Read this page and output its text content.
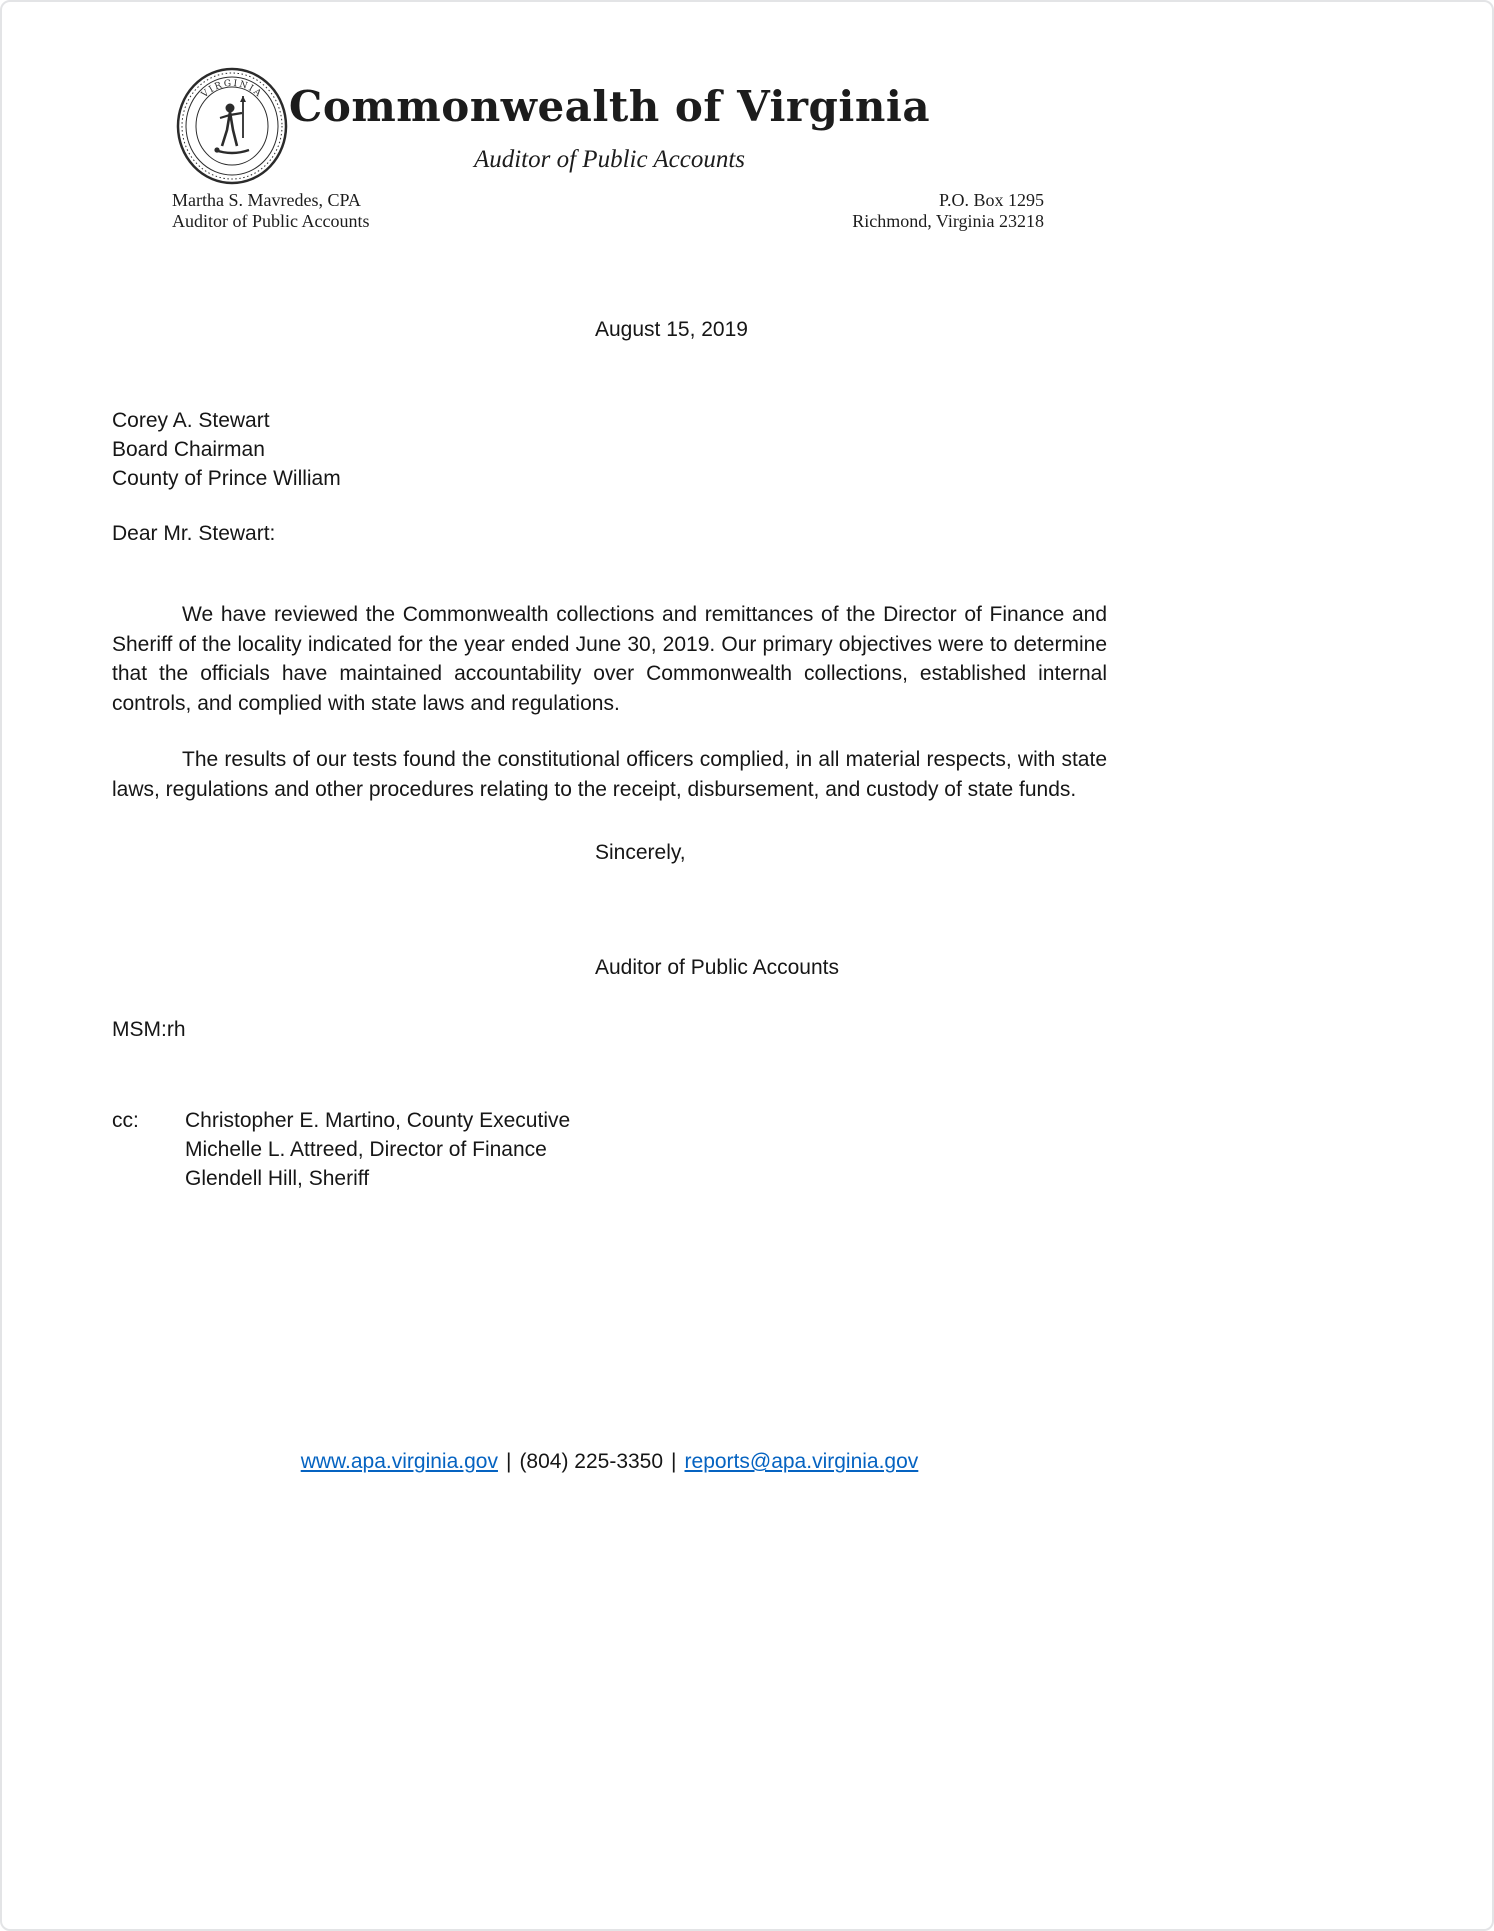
VIRGINIA Commonwealth of Virginia
Auditor of Public Accounts
Martha S. Mavredes, CPA
Auditor of Public Accounts
P.O. Box 1295
Richmond, Virginia 23218
August 15, 2019
Corey A. Stewart
Board Chairman
County of Prince William
Dear Mr. Stewart:

We have reviewed the Commonwealth collections and remittances of the Director of Finance and Sheriff of the locality indicated for the year ended June 30, 2019. Our primary objectives were to determine that the officials have maintained accountability over Commonwealth collections, established internal controls, and complied with state laws and regulations.

The results of our tests found the constitutional officers complied, in all material respects, with state laws, regulations and other procedures relating to the receipt, disbursement, and custody of state funds.

Sincerely,
Auditor of Public Accounts
MSM:rh
cc:	Christopher E. Martino, County Executive
Michelle L. Attreed, Director of Finance
Glendell Hill, Sheriff
www.apa.virginia.gov | (804) 225-3350 | reports@apa.virginia.gov
